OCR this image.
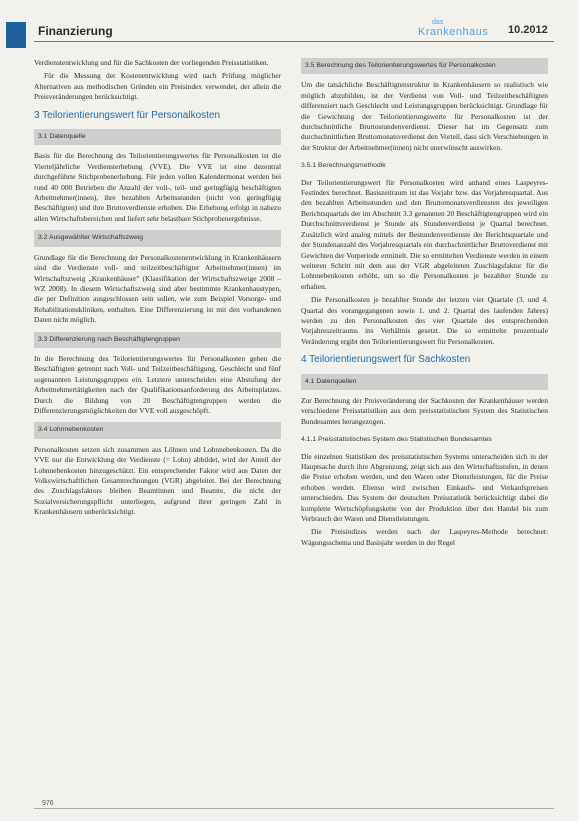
Finanzierung
das
Krankenhaus 10.2012

Verdienstentwicklung und für die Sachkosten der vorliegenden Preisstatistiken.

Für die Messung der Kostenentwicklung wird nach Prüfung möglicher Alternativen aus methodischen Gründen ein Preisindex verwendet, der allein die Preisveränderungen berücksichtigt.

3 Teilorientierungswert für Personalkosten
3.1 Datenquelle

Basis für die Berechnung des Teilorientierungswertes für Personalkosten ist die Vierteljährliche Verdiensterhebung (VVE). Die VVE ist eine dezentral durchgeführte Stichprobenerhebung. Für jeden vollen Kalendermonat werden bei rund 40 000 Betrieben die Anzahl der voll-, teil- und geringfügig beschäftigten Arbeitnehmer(innen), ihre bezahlten Arbeitsstunden (nicht von geringfügig Beschäftigten) und ihre Bruttoverdienste erhoben. Die Erhebung erfolgt in nahezu allen Wirtschaftsbereichen und liefert sehr belastbare Stichprobenergebnisse.

3.2 Ausgewählter Wirtschaftszweig

Grundlage für die Berechnung der Personalkostenentwicklung in Krankenhäusern sind die Verdienste voll- und teilzeitbeschäftigter Arbeitnehmer(innen) im Wirtschaftszweig „Krankenhäuser" (Klassifikation der Wirtschaftszweige 2008 – WZ 2008). In diesem Wirtschaftszweig sind aber bestimmte Krankenhaustypen, die per Definition ausgeschlossen sein sollen, wie zum Beispiel Vorsorge- und Rehabilitationskliniken, enthalten. Eine Differenzierung ist mit den vorhandenen Daten nicht möglich.

3.3 Differenzierung nach Beschäftigtengruppen

In die Berechnung des Teilorientierungswertes für Personalkosten gehen die Beschäftigten getrennt nach Voll- und Teilzeitbeschäftigung, Geschlecht und fünf sogenannten Leistungsgruppen ein. Letztere unterscheiden eine Abstufung der Arbeitnehmertätigkeiten nach der Qualifikationsanforderung des Arbeitsplatzes. Durch die Bildung von 20 Beschäftigtengruppen werden die Differenzierungsmöglichkeiten der VVE voll ausgeschöpft.

3.4 Lohnnebenkosten

Personalkosten setzen sich zusammen aus Löhnen und Lohnnebenkosten. Da die VVE nur die Entwicklung der Verdienste (= Lohn) abbildet, wird der Anteil der Lohnnebenkosten hinzugeschätzt. Ein entsprechender Faktor wird aus Daten der Volkswirtschaftlichen Gesamtrechnungen (VGR) abgeleitet. Bei der Berechnung des Zuschlagsfaktors bleiben Beamtinnen und Beamte, die nicht der Sozialversicherungspflicht unterliegen, aufgrund ihrer geringen Zahl in Krankenhäusern unberücksichtigt.

3.5 Berechnung des Teilorientierungswertes für Personalkosten

Um die tatsächliche Beschäftigtenstruktur in Krankenhäusern so realistisch wie möglich abzubilden, ist der Verdienst von Voll- und Teilzeitbeschäftigten differenziert nach Geschlecht und Leistungsgruppen berücksichtigt. Grundlage für die Gewichtung der Teilorientierungswerte für Personalkosten ist der durchschnittliche Bruttostundenverdienst. Dieser hat im Gegensatz zum durchschnittlichen Bruttomonatsverdienst den Vorteil, dass sich Verschiebungen in der Struktur der Arbeitnehmer(innen) nicht unerwünscht auswirken.

3.5.1 Berechnungsmethodik

Der Teilorientierungswert für Personalkosten wird anhand eines Laspeyres-Festindex berechnet. Basiszeitraum ist das Vorjahr bzw. das Vorjahresquartal. Aus den bezahlten Arbeitsstunden und den Bruttomonatsverdiensten des jeweiligen Berichtsquartals der im Abschnitt 3.3 genannten 20 Beschäftigtengruppen wird ein Durchschnittsverdienst je Stunde als Stundenverdienst je Quartal berechnet. Zusätzlich wird analog mittels der Bestundenverdienste der Berichtsquartale und der Stundenanzahl des Vorjahresquartals ein durchschnittlicher Bruttoverdienst mit Gewichten der Vorperiode ermittelt. Die so ermittelten Verdienste werden in einem weiteren Schritt mit dem aus der VGR abgeleiteten Zuschlagsfaktor für die Lohnnebenkosten erhöht, um so die Personalkosten je bezahlter Stunde zu erhalten.

Die Personalkosten je bezahlter Stunde der letzten vier Quartale (3. und 4. Quartal des vorangegangenen sowie 1. und 2. Quartal des laufenden Jahres) werden zu den Personalkosten des vier Quartale des entsprechenden Vorjahreszeitraums ins Verhältnis gesetzt. Die so ermittelte prozentuale Veränderung ergibt den Teilorientierungswert für Personalkosten.

4 Teilorientierungswert für Sachkosten
4.1 Datenquellen

Zur Berechnung der Preisveränderung der Sachkosten der Krankenhäuser werden verschiedene Preisstatistiken aus dem preisstatistischen System des Statistischen Bundesamtes herangezogen.

4.1.1 Preisstatistisches System des Statistischen Bundesamtes

Die einzelnen Statistiken des preisstatistischen Systems unterscheiden sich in der Hauptsache durch ihre Abgrenzung, zeigt sich aus den Wirtschaftsstufen, in denen die Preise erhoben werden, und den Waren oder Dienstleistungen, für die Preise erhoben werden. Ebenso wird zwischen Einkaufs- und Verkaufspreisen unterschieden. Das System der deutschen Preisstatistik berücksichtigt dabei die komplette Wertschöpfungskette von der Produktion über den Handel bis zum Verbrauch der Waren und Dienstleistungen.

Die Preisindizes werden nach der Laspeyres-Methode berechnet: Wägungsschema und Basisjahr werden in der Regel

976
